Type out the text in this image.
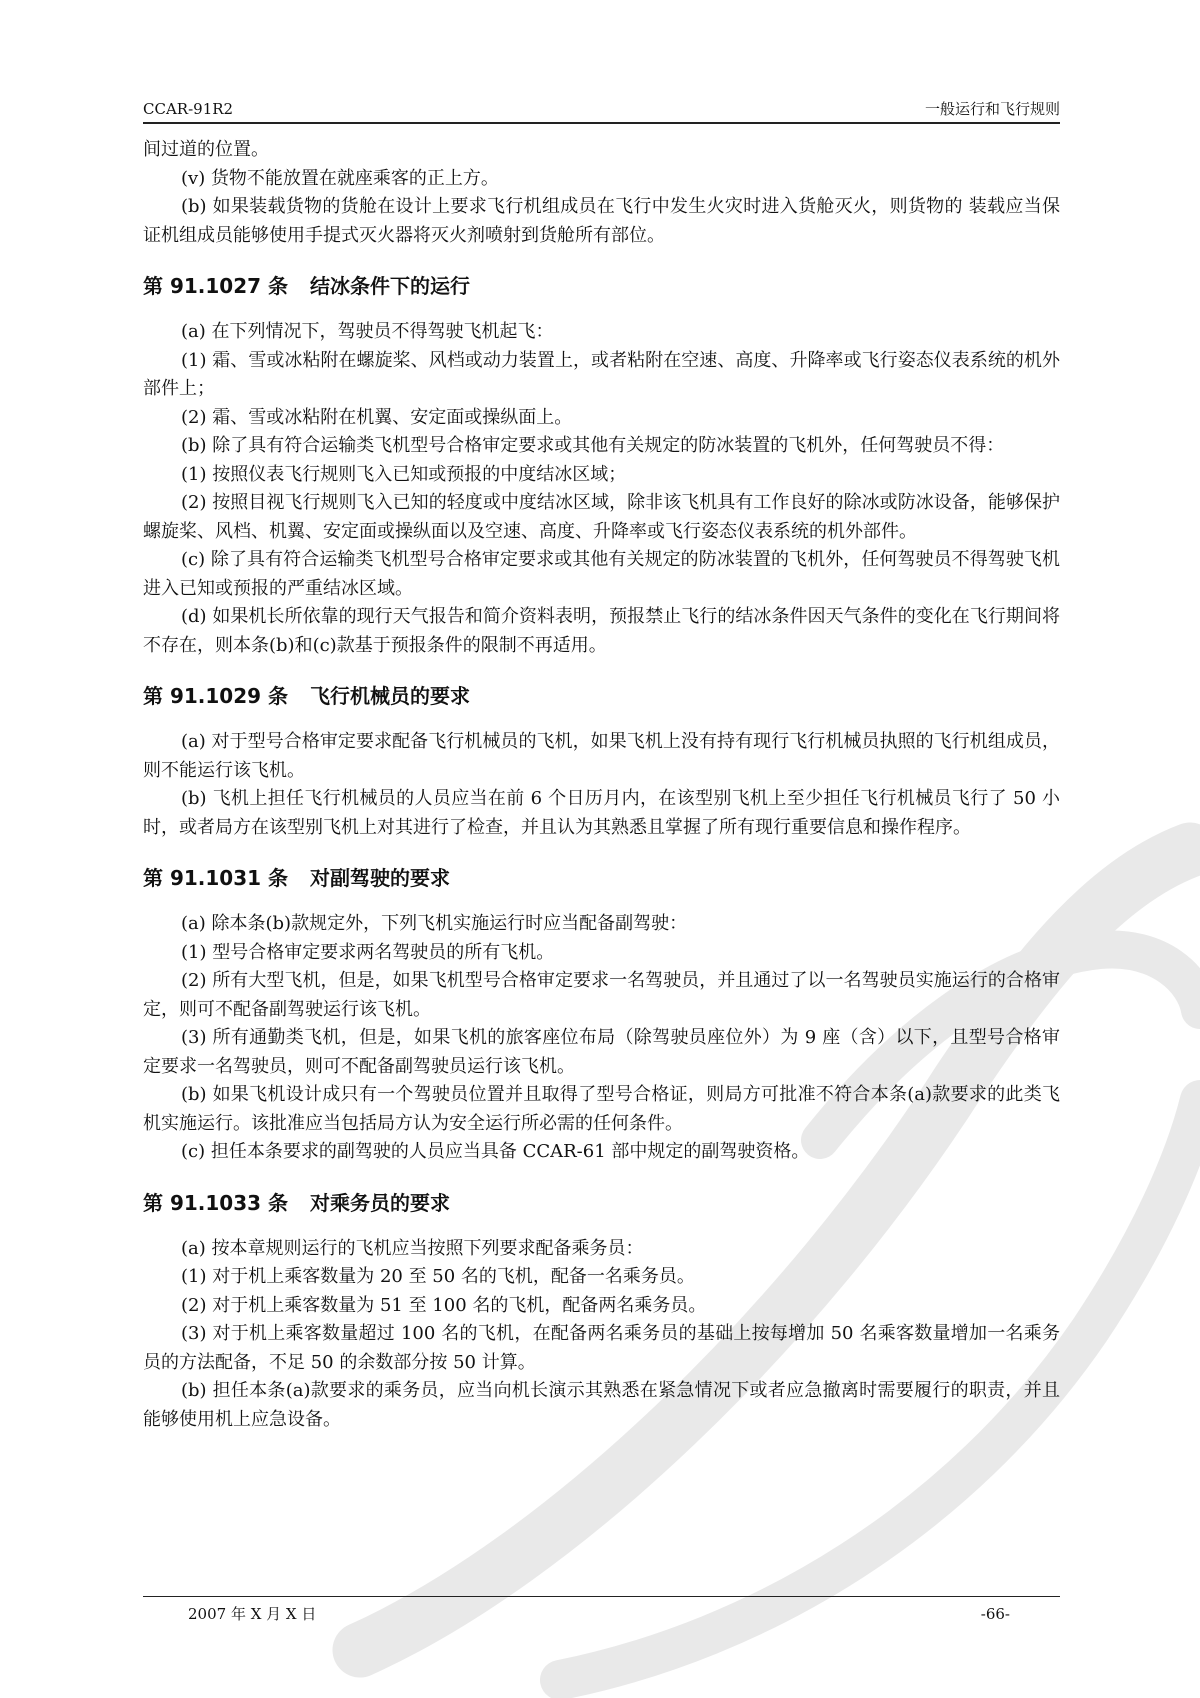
CCAR-91R2	一般运行和飞行规则

间过道的位置。

(v) 货物不能放置在就座乘客的正上方。

(b) 如果装载货物的货舱在设计上要求飞行机组成员在飞行中发生火灾时进入货舱灭火，则货物的 装载应当保证机组成员能够使用手提式灭火器将灭火剂喷射到货舱所有部位。

第 91.1027 条 结冰条件下的运行

(a) 在下列情况下，驾驶员不得驾驶飞机起飞：

(1) 霜、雪或冰粘附在螺旋桨、风档或动力装置上，或者粘附在空速、高度、升降率或飞行姿态仪表系统的机外部件上；

(2) 霜、雪或冰粘附在机翼、安定面或操纵面上。

(b) 除了具有符合运输类飞机型号合格审定要求或其他有关规定的防冰装置的飞机外，任何驾驶员不得：

(1) 按照仪表飞行规则飞入已知或预报的中度结冰区域；

(2) 按照目视飞行规则飞入已知的轻度或中度结冰区域，除非该飞机具有工作良好的除冰或防冰设备，能够保护螺旋桨、风档、机翼、安定面或操纵面以及空速、高度、升降率或飞行姿态仪表系统的机外部件。

(c) 除了具有符合运输类飞机型号合格审定要求或其他有关规定的防冰装置的飞机外，任何驾驶员不得驾驶飞机进入已知或预报的严重结冰区域。

(d) 如果机长所依靠的现行天气报告和简介资料表明，预报禁止飞行的结冰条件因天气条件的变化在飞行期间将不存在，则本条(b)和(c)款基于预报条件的限制不再适用。

第 91.1029 条 飞行机械员的要求

(a) 对于型号合格审定要求配备飞行机械员的飞机，如果飞机上没有持有现行飞行机械员执照的飞行机组成员，则不能运行该飞机。

(b) 飞机上担任飞行机械员的人员应当在前 6 个日历月内，在该型别飞机上至少担任飞行机械员飞行了 50 小时，或者局方在该型别飞机上对其进行了检查，并且认为其熟悉且掌握了所有现行重要信息和操作程序。

第 91.1031 条 对副驾驶的要求

(a) 除本条(b)款规定外，下列飞机实施运行时应当配备副驾驶：

(1) 型号合格审定要求两名驾驶员的所有飞机。

(2) 所有大型飞机，但是，如果飞机型号合格审定要求一名驾驶员，并且通过了以一名驾驶员实施运行的合格审定，则可不配备副驾驶运行该飞机。

(3) 所有通勤类飞机，但是，如果飞机的旅客座位布局（除驾驶员座位外）为 9 座（含）以下，且型号合格审定要求一名驾驶员，则可不配备副驾驶员运行该飞机。

(b) 如果飞机设计成只有一个驾驶员位置并且取得了型号合格证，则局方可批准不符合本条(a)款要求的此类飞机实施运行。该批准应当包括局方认为安全运行所必需的任何条件。

(c) 担任本条要求的副驾驶的人员应当具备 CCAR-61 部中规定的副驾驶资格。

第 91.1033 条 对乘务员的要求

(a) 按本章规则运行的飞机应当按照下列要求配备乘务员：

(1) 对于机上乘客数量为 20 至 50 名的飞机，配备一名乘务员。

(2) 对于机上乘客数量为 51 至 100 名的飞机，配备两名乘务员。

(3) 对于机上乘客数量超过 100 名的飞机，在配备两名乘务员的基础上按每增加 50 名乘客数量增加一名乘务员的方法配备，不足 50 的余数部分按 50 计算。

(b) 担任本条(a)款要求的乘务员，应当向机长演示其熟悉在紧急情况下或者应急撤离时需要履行的职责，并且能够使用机上应急设备。

2007 年 X 月 X 日	-66-
